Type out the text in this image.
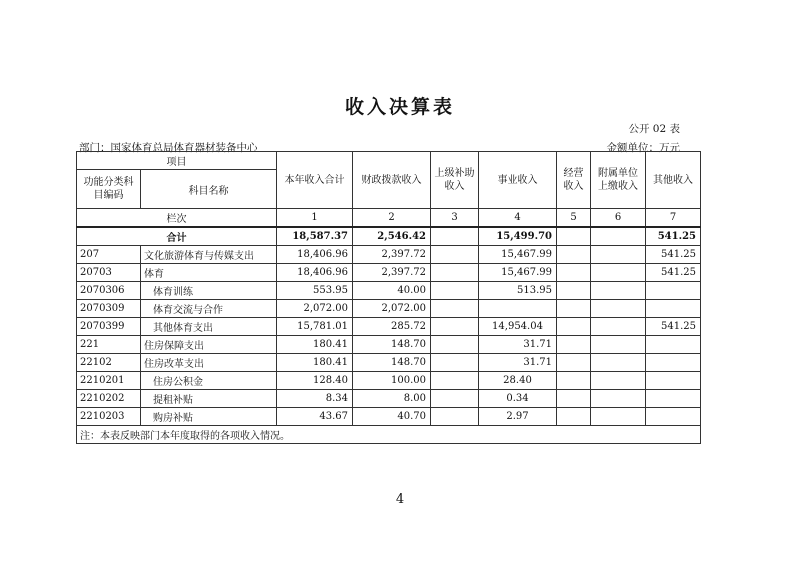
收入决算表
公开 02 表
部门：国家体育总局体育器材装备中心	金额单位：万元
项目		本年收入合计	财政拨款收入	上级补助收入	事业收入	经营收入	附属单位上缴收入	其他收入
功能分类科目编码	科目名称							
栏次		1	2	3	4	5	6	7
合计		18,587.37	2,546.42		15,499.70			541.25
207	文化旅游体育与传媒支出	18,406.96	2,397.72		15,467.99			541.25
20703	体育	18,406.96	2,397.72		15,467.99			541.25
2070306	体育训练	553.95	40.00		513.95			
2070309	体育交流与合作	2,072.00	2,072.00					
2070399	其他体育支出	15,781.01	285.72		14,954.04			541.25
221	住房保障支出	180.41	148.70		31.71			
22102	住房改革支出	180.41	148.70		31.71			
2210201	住房公积金	128.40	100.00		28.40			
2210202	提租补贴	8.34	8.00		0.34			
2210203	购房补贴	43.67	40.70		2.97			
注：本表反映部门本年度取得的各项收入情况。								
4
